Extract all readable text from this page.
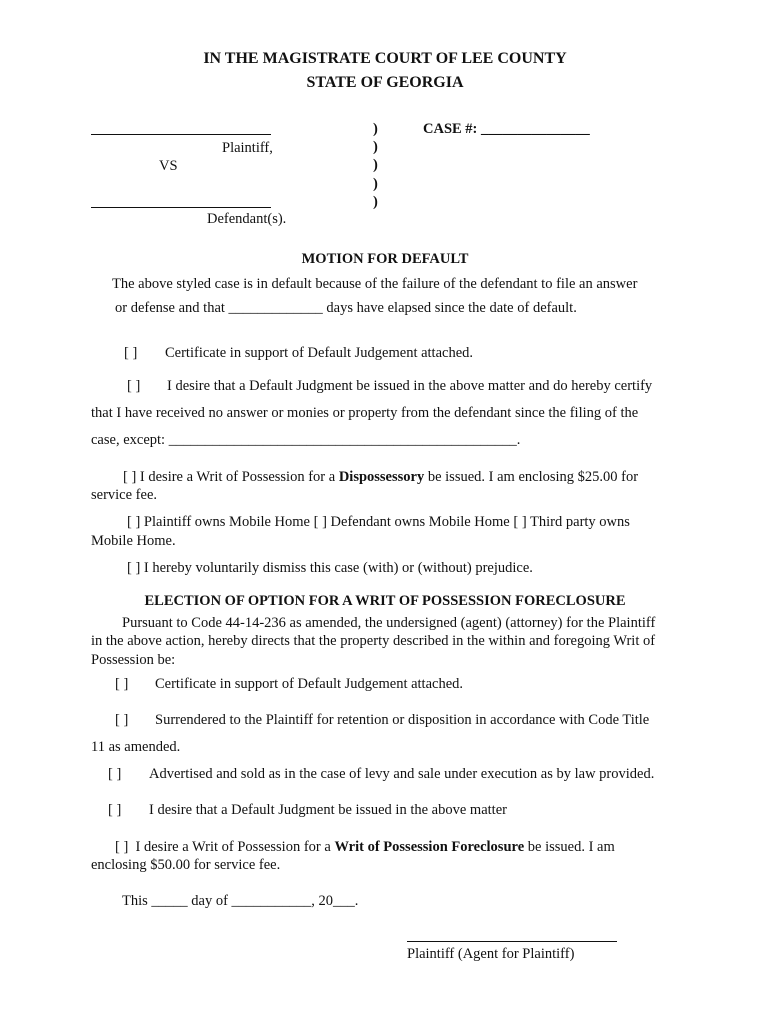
IN THE MAGISTRATE COURT OF LEE COUNTY
STATE OF GEORGIA
Plaintiff,
VS
Defendant(s).
)
)
)
)
)
CASE #: _______________
MOTION FOR DEFAULT
The above styled case is in default because of the failure of the defendant to file an answer
or defense and that _____________ days have elapsed since the date of default.
[ ] Certificate in support of Default Judgement attached.
[ ] I desire that a Default Judgment be issued in the above matter and do hereby certify
that I have received no answer or monies or property from the defendant since the filing of the
case, except: ________________________________________________.
[ ] I desire a Writ of Possession for a Dispossessory be issued. I am enclosing $25.00 for
service fee.
[ ] Plaintiff owns Mobile Home [ ] Defendant owns Mobile Home [ ] Third party owns
Mobile Home.
[ ] I hereby voluntarily dismiss this case (with) or (without) prejudice.
ELECTION OF OPTION FOR A WRIT OF POSSESSION FORECLOSURE
Pursuant to Code 44-14-236 as amended, the undersigned (agent) (attorney) for the Plaintiff
in the above action, hereby directs that the property described in the within and foregoing Writ of
Possession be:
[ ] Certificate in support of Default Judgement attached.
[ ] Surrendered to the Plaintiff for retention or disposition in accordance with Code Title
11 as amended.
[ ] Advertised and sold as in the case of levy and sale under execution as by law provided.
[ ] I desire that a Default Judgment be issued in the above matter
[ ] I desire a Writ of Possession for a Writ of Possession Foreclosure be issued. I am
enclosing $50.00 for service fee.
This _____ day of ___________, 20___.
Plaintiff (Agent for Plaintiff)
